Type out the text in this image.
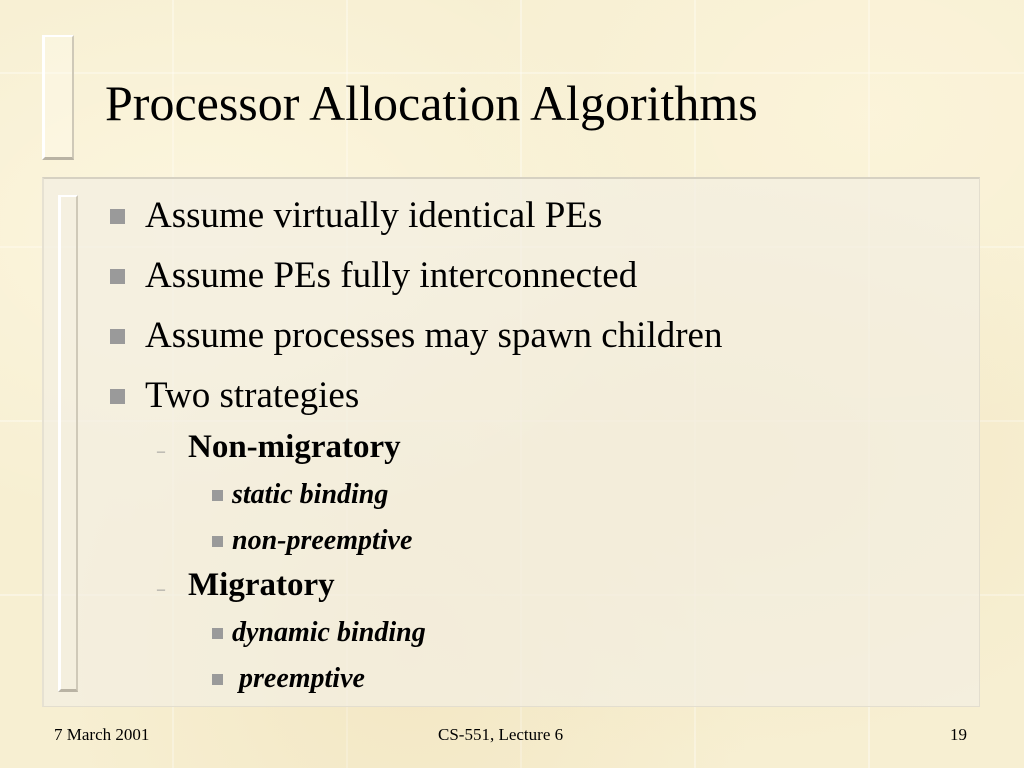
Processor Allocation Algorithms
Assume virtually identical PEs
Assume PEs fully interconnected
Assume processes may spawn children
Two strategies
– Non-migratory
static binding
non-preemptive
– Migratory
dynamic binding
preemptive
7 March 2001	CS-551, Lecture 6	19
